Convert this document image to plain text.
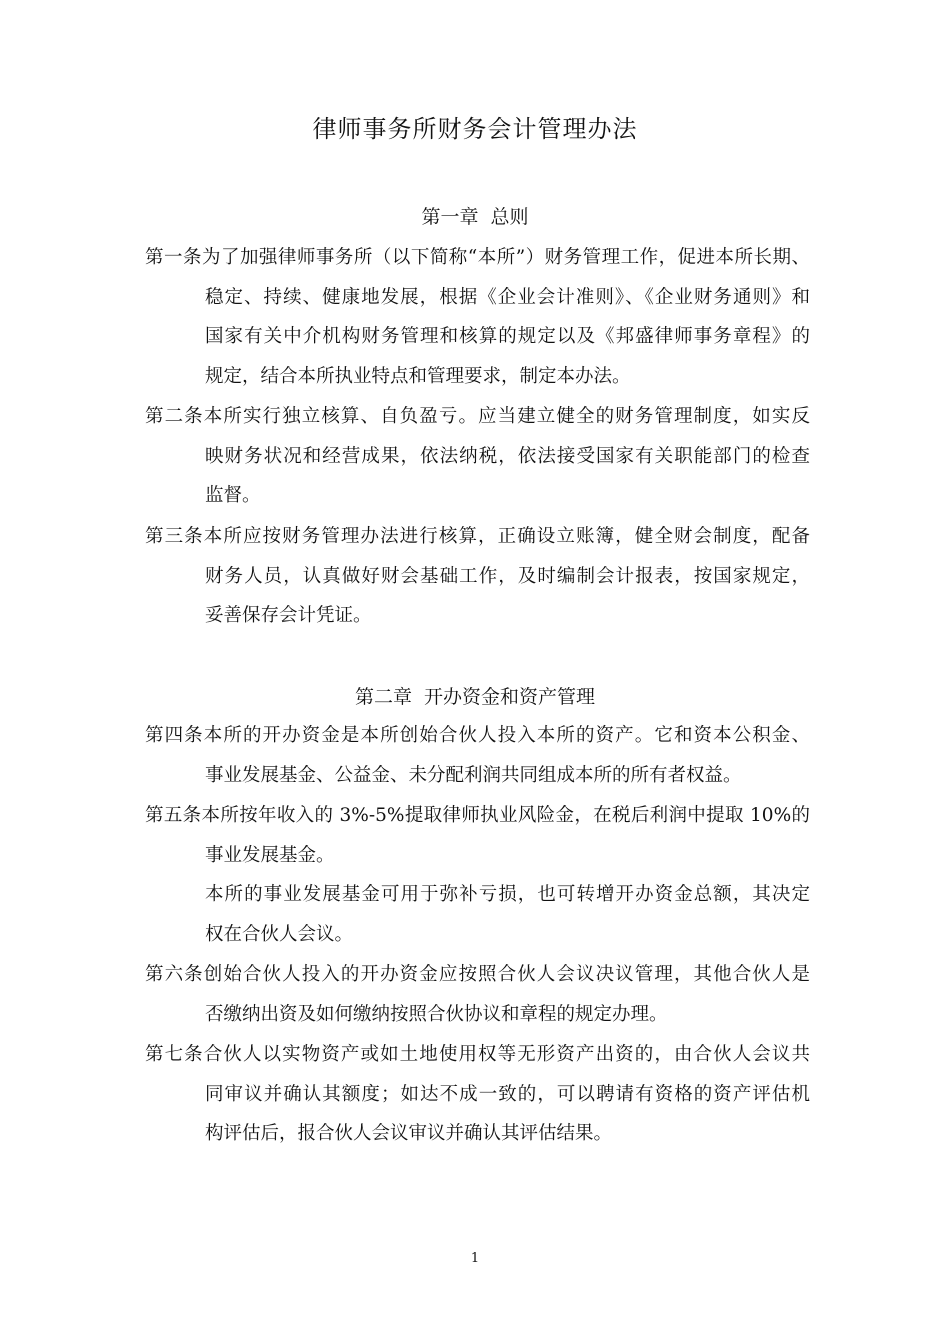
律师事务所财务会计管理办法
第一章 总则
第一条为了加强律师事务所（以下简称“本所”）财务管理工作，促进本所长期、
稳定、持续、健康地发展，根据《企业会计准则》、《企业财务通则》和
国家有关中介机构财务管理和核算的规定以及《邦盛律师事务章程》的
规定，结合本所执业特点和管理要求，制定本办法。
第二条本所实行独立核算、自负盈亏。应当建立健全的财务管理制度，如实反
映财务状况和经营成果，依法纳税，依法接受国家有关职能部门的检查
监督。
第三条本所应按财务管理办法进行核算，正确设立账簿，健全财会制度，配备
财务人员，认真做好财会基础工作，及时编制会计报表，按国家规定，
妥善保存会计凭证。
第二章 开办资金和资产管理
第四条本所的开办资金是本所创始合伙人投入本所的资产。它和资本公积金、
事业发展基金、公益金、未分配利润共同组成本所的所有者权益。
第五条本所按年收入的 3%-5%提取律师执业风险金，在税后利润中提取 10%的
事业发展基金。
本所的事业发展基金可用于弥补亏损，也可转增开办资金总额，其决定
权在合伙人会议。
第六条创始合伙人投入的开办资金应按照合伙人会议决议管理，其他合伙人是
否缴纳出资及如何缴纳按照合伙协议和章程的规定办理。
第七条合伙人以实物资产或如土地使用权等无形资产出资的，由合伙人会议共
同审议并确认其额度；如达不成一致的，可以聘请有资格的资产评估机
构评估后，报合伙人会议审议并确认其评估结果。
1
